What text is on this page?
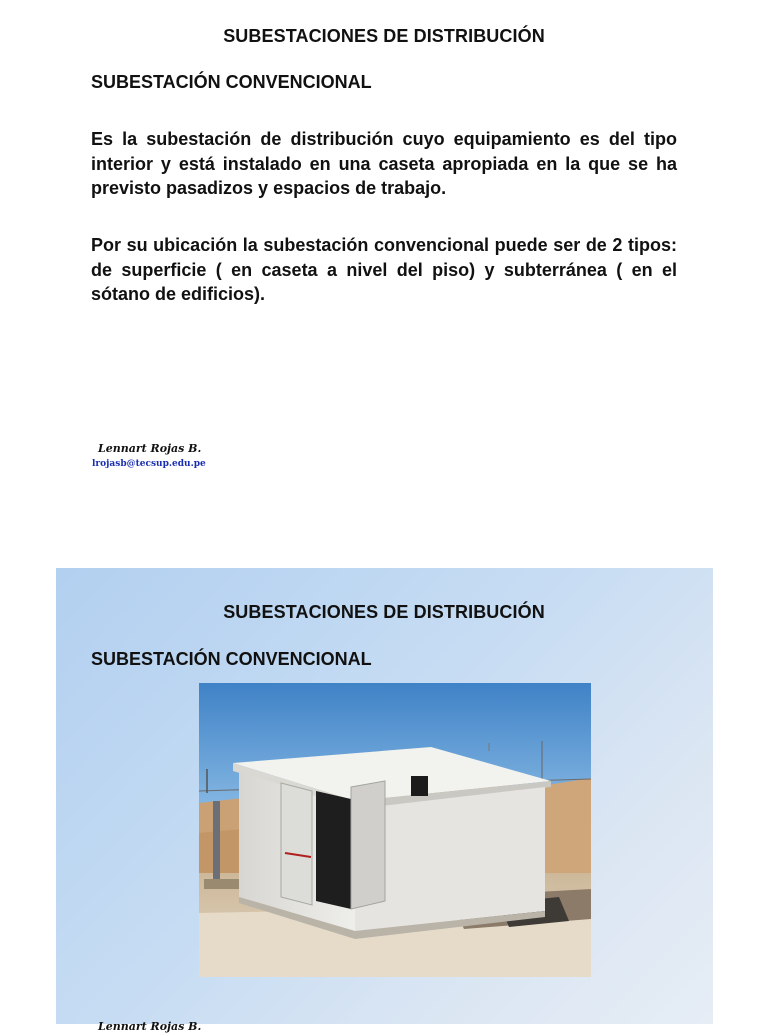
SUBESTACIONES DE DISTRIBUCIÓN
SUBESTACIÓN CONVENCIONAL

Es la subestación de distribución cuyo equipamiento es del tipo interior y está instalado en una caseta apropiada en la que se ha previsto pasadizos y espacios de trabajo.

Por su ubicación la subestación convencional puede ser de 2 tipos: de superficie ( en caseta a nivel del piso) y subterránea ( en el sótano de edificios).

Lennart Rojas B.
lrojasb@tecsup.edu.pe
SUBESTACIONES DE DISTRIBUCIÓN
SUBESTACIÓN CONVENCIONAL
Lennart Rojas B.
